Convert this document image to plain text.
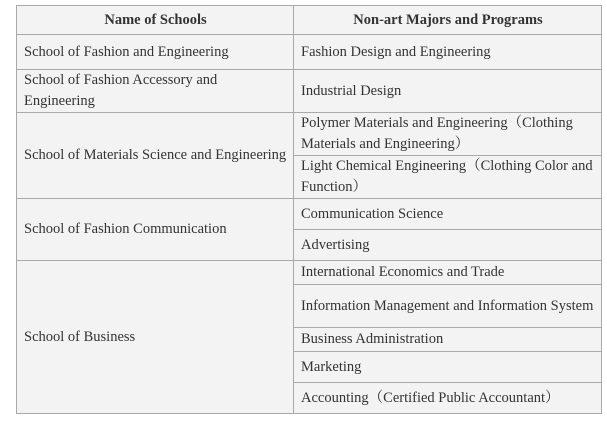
Name of Schools	Non-art Majors and Programs
School of Fashion and Engineering	Fashion Design and Engineering
School of Fashion Accessory and Engineering	Industrial Design
School of Materials Science and Engineering	Polymer Materials and Engineering（Clothing Materials and Engineering）
	Light Chemical Engineering（Clothing Color and Function）
School of Fashion Communication	Communication Science
	Advertising
School of Business	International Economics and Trade
	Information Management and Information System
	Business Administration
	Marketing
	Accounting（Certified Public Accountant）
